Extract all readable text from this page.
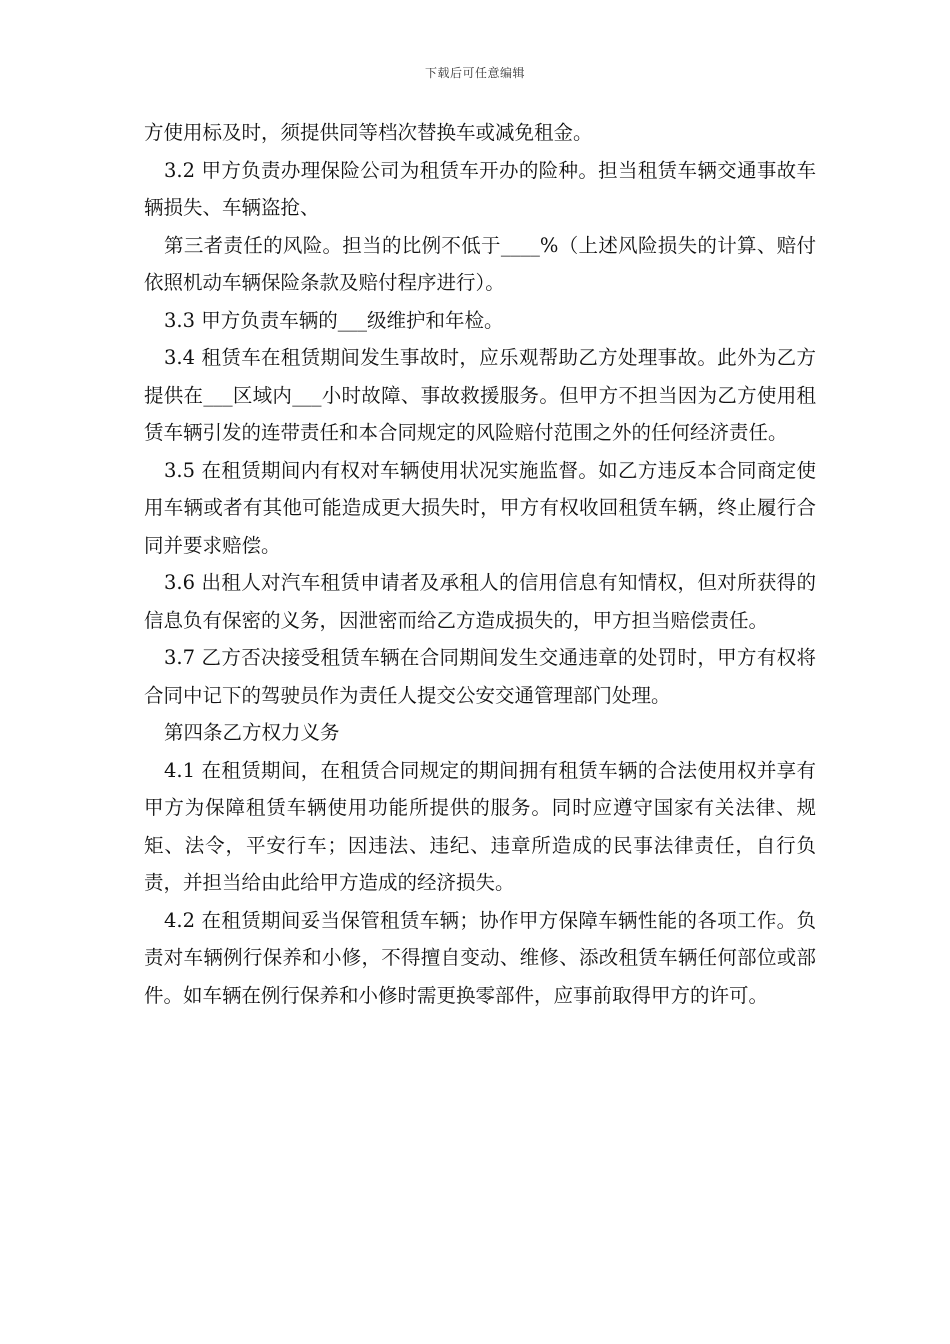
下载后可任意编辑

方使用标及时，须提供同等档次替换车或减免租金。

3.2 甲方负责办理保险公司为租赁车开办的险种。担当租赁车辆交通事故车辆损失、车辆盗抢、

第三者责任的风险。担当的比例不低于____%（上述风险损失的计算、赔付依照机动车辆保险条款及赔付程序进行）。

3.3 甲方负责车辆的___级维护和年检。

3.4 租赁车在租赁期间发生事故时，应乐观帮助乙方处理事故。此外为乙方提供在___区域内___小时故障、事故救援服务。但甲方不担当因为乙方使用租赁车辆引发的连带责任和本合同规定的风险赔付范围之外的任何经济责任。

3.5 在租赁期间内有权对车辆使用状况实施监督。如乙方违反本合同商定使用车辆或者有其他可能造成更大损失时，甲方有权收回租赁车辆，终止履行合同并要求赔偿。

3.6 出租人对汽车租赁申请者及承租人的信用信息有知情权，但对所获得的信息负有保密的义务，因泄密而给乙方造成损失的，甲方担当赔偿责任。

3.7 乙方否决接受租赁车辆在合同期间发生交通违章的处罚时，甲方有权将合同中记下的驾驶员作为责任人提交公安交通管理部门处理。

第四条乙方权力义务

4.1 在租赁期间，在租赁合同规定的期间拥有租赁车辆的合法使用权并享有甲方为保障租赁车辆使用功能所提供的服务。同时应遵守国家有关法律、规矩、法令，平安行车；因违法、违纪、违章所造成的民事法律责任，自行负责，并担当给由此给甲方造成的经济损失。

4.2 在租赁期间妥当保管租赁车辆；协作甲方保障车辆性能的各项工作。负责对车辆例行保养和小修，不得擅自变动、维修、添改租赁车辆任何部位或部件。如车辆在例行保养和小修时需更换零部件，应事前取得甲方的许可。
